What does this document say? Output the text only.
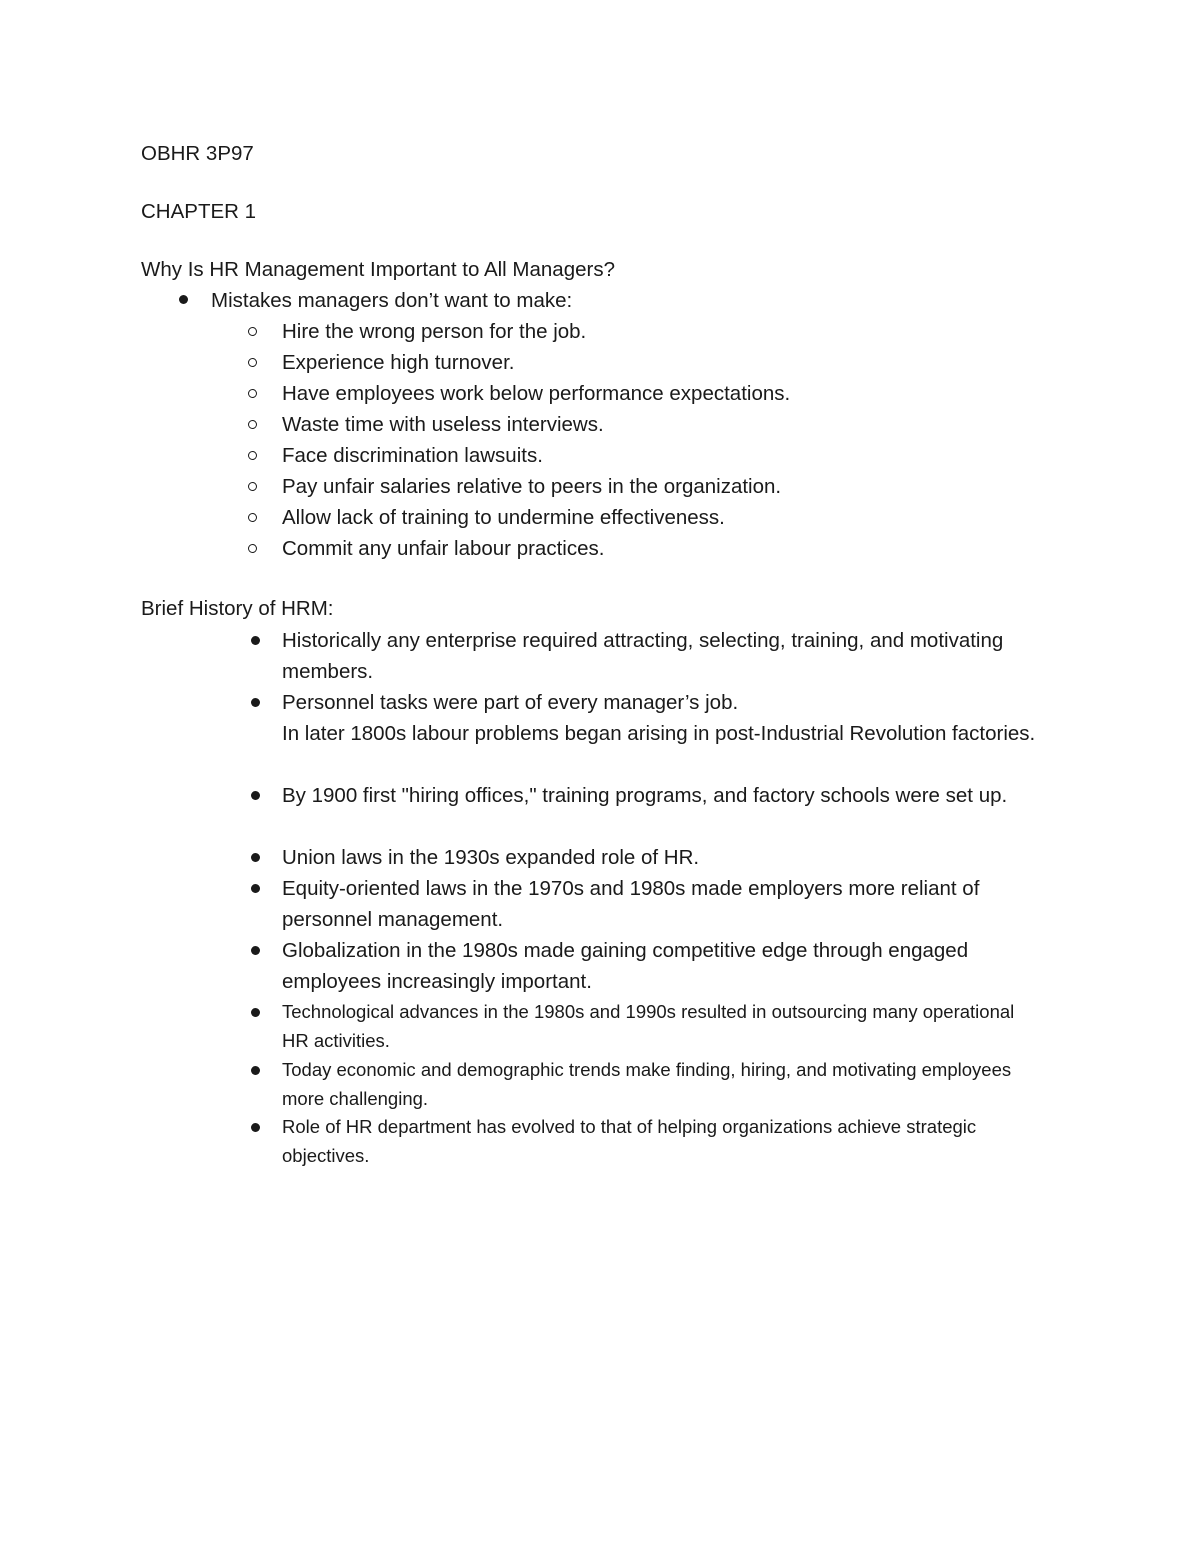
OBHR 3P97
CHAPTER 1
Why Is HR Management Important to All Managers?
Mistakes managers don’t want to make:
Hire the wrong person for the job.
Experience high turnover.
Have employees work below performance expectations.
Waste time with useless interviews.
Face discrimination lawsuits.
Pay unfair salaries relative to peers in the organization.
Allow lack of training to undermine effectiveness.
Commit any unfair labour practices.
Brief History of HRM:
Historically any enterprise required attracting, selecting, training, and motivating members.
Personnel tasks were part of every manager’s job.
In later 1800s labour problems began arising in post-Industrial Revolution factories.
By 1900 first "hiring offices," training programs, and factory schools were set up.
Union laws in the 1930s expanded role of HR.
Equity-oriented laws in the 1970s and 1980s made employers more reliant of personnel management.
Globalization in the 1980s made gaining competitive edge through engaged employees increasingly important.
Technological advances in the 1980s and 1990s resulted in outsourcing many operational HR activities.
Today economic and demographic trends make finding, hiring, and motivating employees more challenging.
Role of HR department has evolved to that of helping organizations achieve strategic objectives.
